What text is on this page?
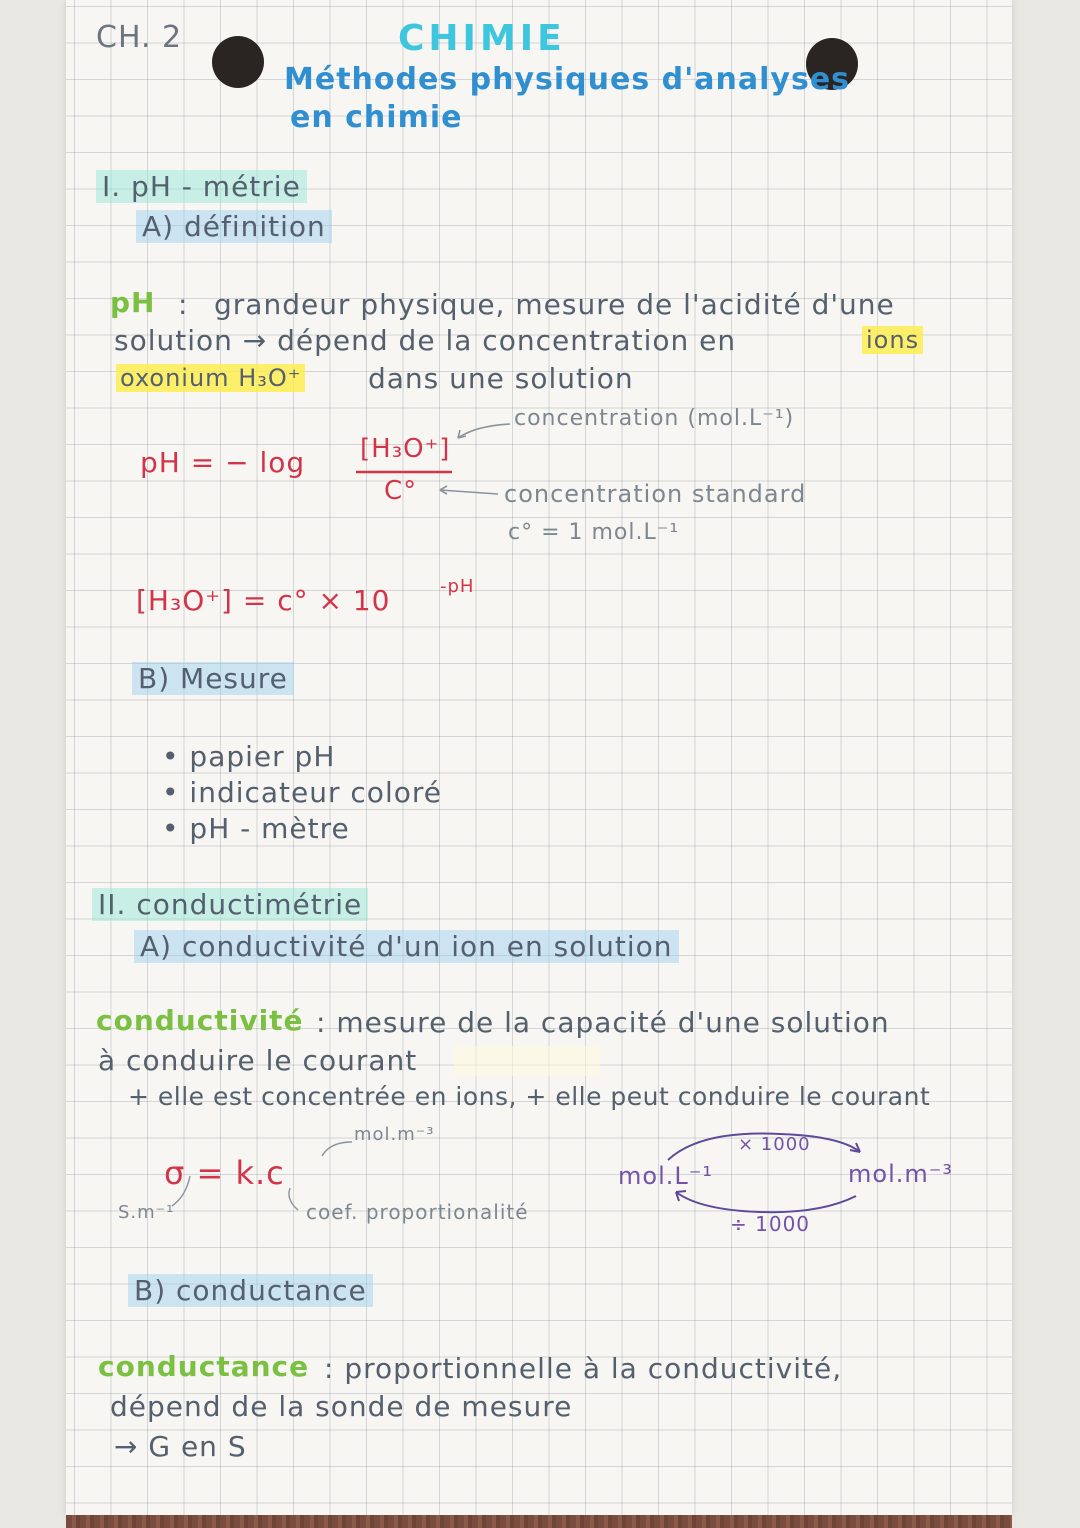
CH. 2	CHIMIE
Méthodes physiques d'analyses
en chimie
I. pH - métrie
A) définition
pH : grandeur physique, mesure de l'acidité d'une
solution → dépend de la concentration en	ions
oxonium H₃O⁺ dans une solution
concentration (mol.L⁻¹)
pH = − log [H₃O⁺]
C°	concentration standard
c° = 1 mol.L⁻¹
[H₃O⁺] = c° × 10	-pH
B) Mesure
• papier pH
• indicateur coloré
• pH - mètre
II. conductimétrie
A) conductivité d'un ion en solution
conductivité : mesure de la capacité d'une solution
à conduire le courant
+ elle est concentrée en ions, + elle peut conduire le courant
σ = k.c
mol.m⁻³
S.m⁻¹	coef. proportionalité
mol.L⁻¹	mol.m⁻³
× 1000
÷ 1000
B) conductance
conductance : proportionnelle à la conductivité,
dépend de la sonde de mesure
→ G en S
